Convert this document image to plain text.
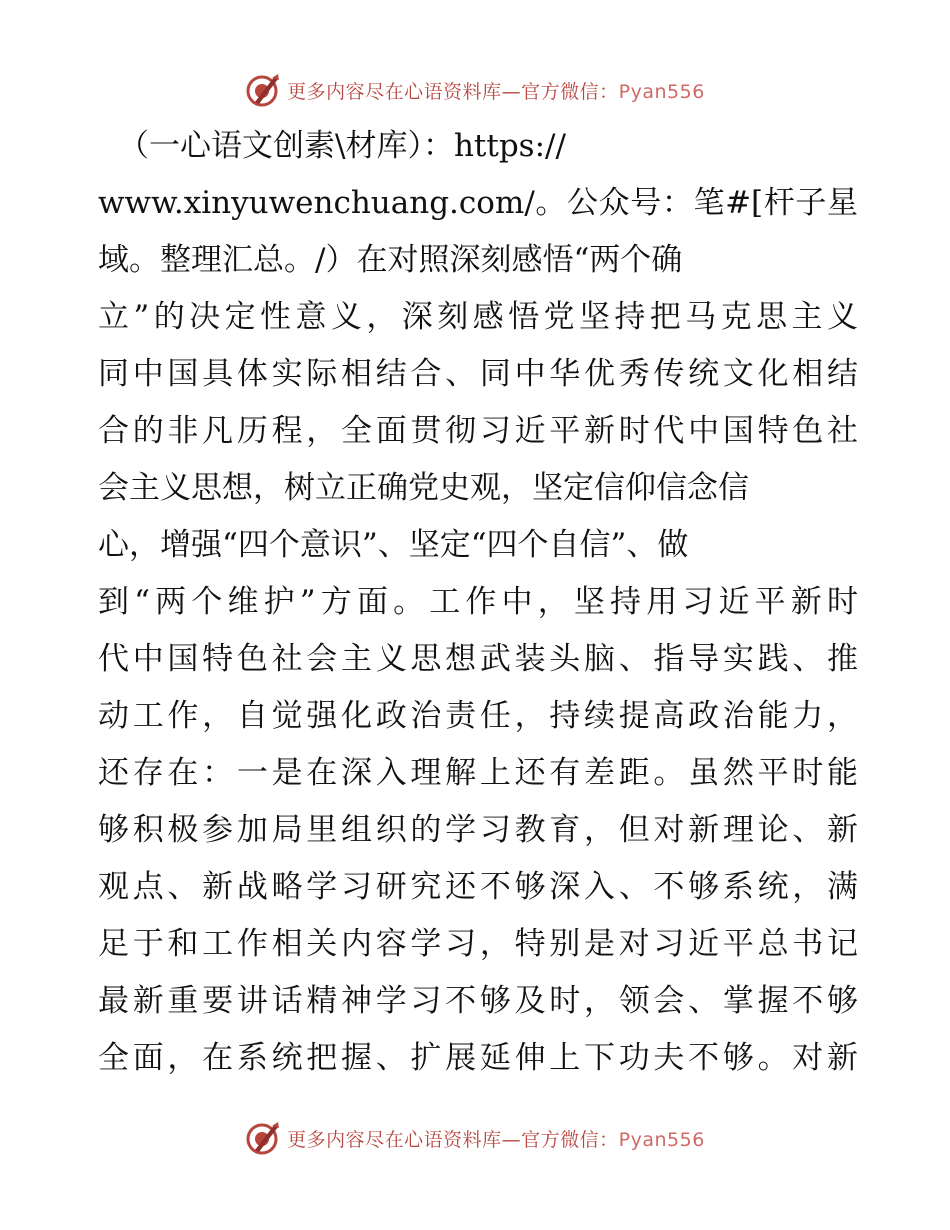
更多内容尽在心语资料库—官方微信：Pyan556
（一心语文创素\材库）：https://
www.xinyuwenchuang.com/。公众号：笔#[杆子星
域。整理汇总。/）在对照深刻感悟“两个确
立”的决定性意义，深刻感悟党坚持把马克思主义
同中国具体实际相结合、同中华优秀传统文化相结
合的非凡历程，全面贯彻习近平新时代中国特色社
会主义思想，树立正确党史观，坚定信仰信念信
心，增强“四个意识”、坚定“四个自信”、做
到“两个维护”方面。工作中，坚持用习近平新时
代中国特色社会主义思想武装头脑、指导实践、推
动工作，自觉强化政治责任，持续提高政治能力，
还存在：一是在深入理解上还有差距。虽然平时能
够积极参加局里组织的学习教育，但对新理论、新
观点、新战略学习研究还不够深入、不够系统，满
足于和工作相关内容学习，特别是对习近平总书记
最新重要讲话精神学习不够及时，领会、掌握不够
全面，在系统把握、扩展延伸上下功夫不够。对新
更多内容尽在心语资料库—官方微信：Pyan556
